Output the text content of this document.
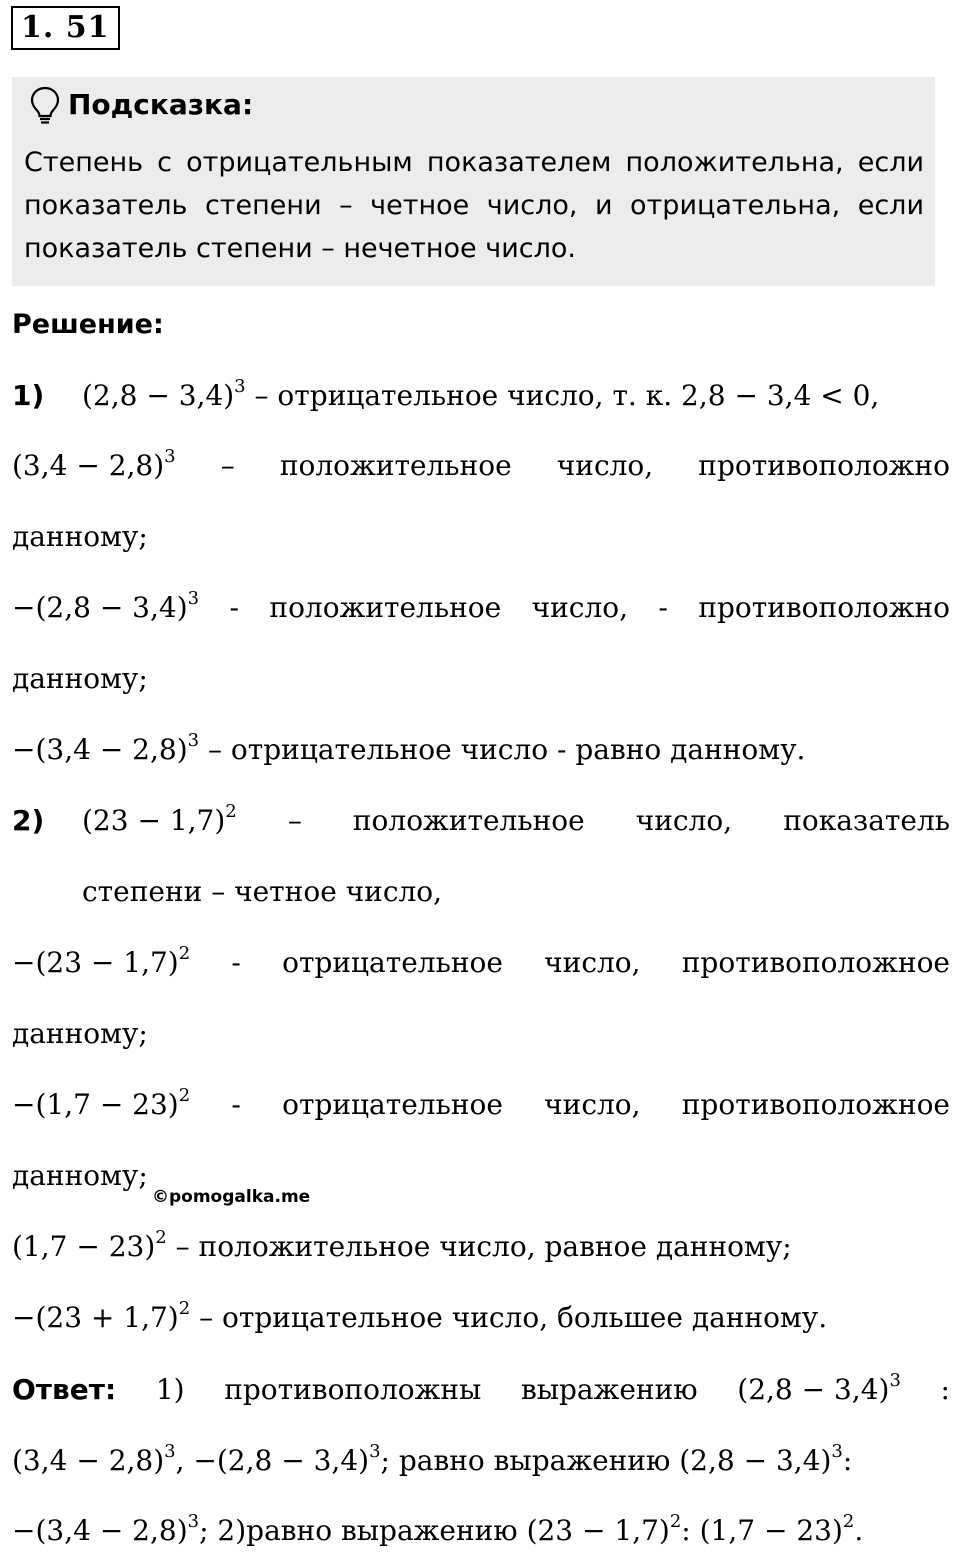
1. 51
Подсказка:
Степень с отрицательным показателем положительна, если показатель степени – четное число, и отрицательна, если показатель степени – нечетное число.
Решение:
1) $(2,8 - 3,4)^3$ – отрицательное число, т. к. 2,8 − 3,4 < 0,
$(3,4 - 2,8)^3$ – положительное число, противоположно
данному;
$-(2,8 - 3,4)^3$ - положительное число, - противоположно
данному;
$-(3,4 - 2,8)^3$ – отрицательное число - равно данному.
2)	$(23 - 1,7)^2$ – положительное число, показатель
степени – четное число,
$-(23 - 1,7)^2$ - отрицательное число, противоположное
данному;
$-(1,7 - 23)^2$ - отрицательное число, противоположное
данному;
©pomogalka.me
$(1,7 - 23)^2$ – положительное число, равное данному;
$-(23 + 1,7)^2$ – отрицательное число, большее данному.
Ответ: 1) противоположны выражению $(2,8 - 3,4)^3$ :
$(3,4 - 2,8)^3$, $-(2,8 - 3,4)^3$; равно выражению $(2,8 - 3,4)^3$:
$-(3,4 - 2,8)^3$; 2)равно выражению $(23 - 1,7)^2$: $(1,7 - 23)^2$.
